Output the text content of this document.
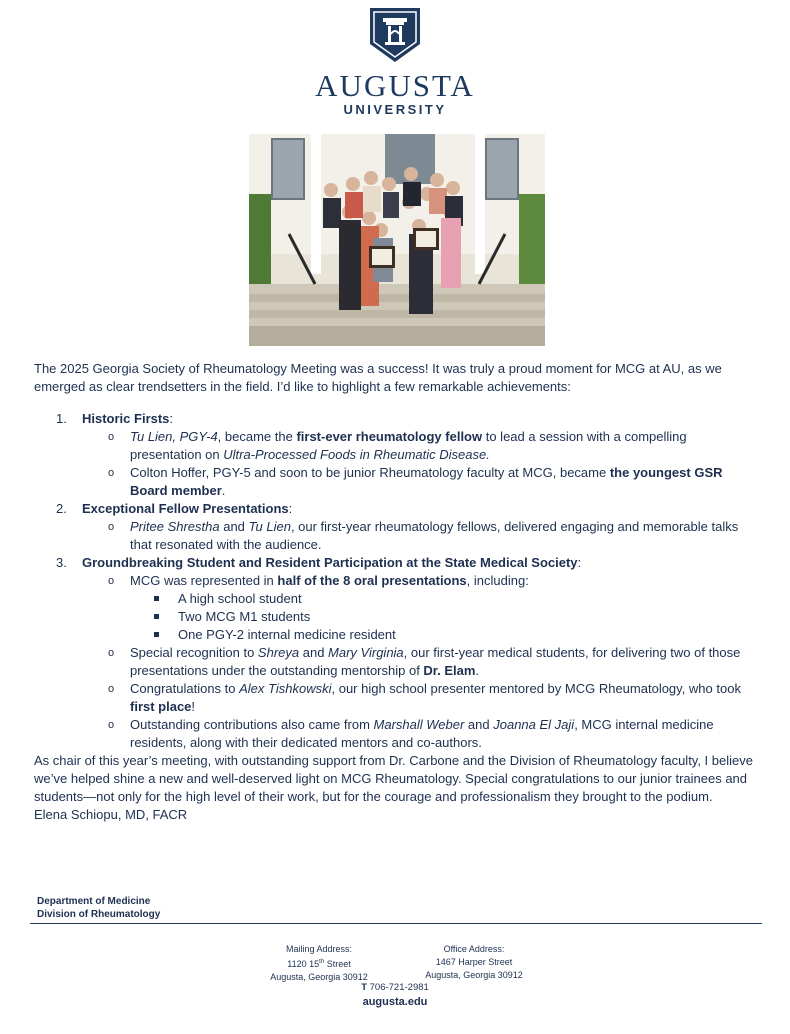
AUGUSTA
UNIVERSITY

The 2025 Georgia Society of Rheumatology Meeting was a success! It was truly a proud moment for MCG at AU, as we emerged as clear trendsetters in the field. I’d like to highlight a few remarkable achievements:

1. Historic Firsts:
o Tu Lien, PGY-4, became the first-ever rheumatology fellow to lead a session with a compelling presentation on Ultra-Processed Foods in Rheumatic Disease.
o Colton Hoffer, PGY-5 and soon to be junior Rheumatology faculty at MCG, became the youngest GSR Board member.
2. Exceptional Fellow Presentations:
o Pritee Shrestha and Tu Lien, our first-year rheumatology fellows, delivered engaging and memorable talks that resonated with the audience.
3. Groundbreaking Student and Resident Participation at the State Medical Society:
o MCG was represented in half of the 8 oral presentations, including:
A high school student
Two MCG M1 students
One PGY-2 internal medicine resident
o Special recognition to Shreya and Mary Virginia, our first-year medical students, for delivering two of those presentations under the outstanding mentorship of Dr. Elam.
o Congratulations to Alex Tishkowski, our high school presenter mentored by MCG Rheumatology, who took first place!
o Outstanding contributions also came from Marshall Weber and Joanna El Jaji, MCG internal medicine residents, along with their dedicated mentors and co-authors.

As chair of this year’s meeting, with outstanding support from Dr. Carbone and the Division of Rheumatology faculty, I believe we’ve helped shine a new and well-deserved light on MCG Rheumatology. Special congratulations to our junior trainees and students—not only for the high level of their work, but for the courage and professionalism they brought to the podium.

Elena Schiopu, MD, FACR

Department of Medicine
Division of Rheumatology
Mailing Address:
1120 15th Street
Augusta, Georgia 30912
Office Address:
1467 Harper Street
Augusta, Georgia 30912
T 706-721-2981
augusta.edu
